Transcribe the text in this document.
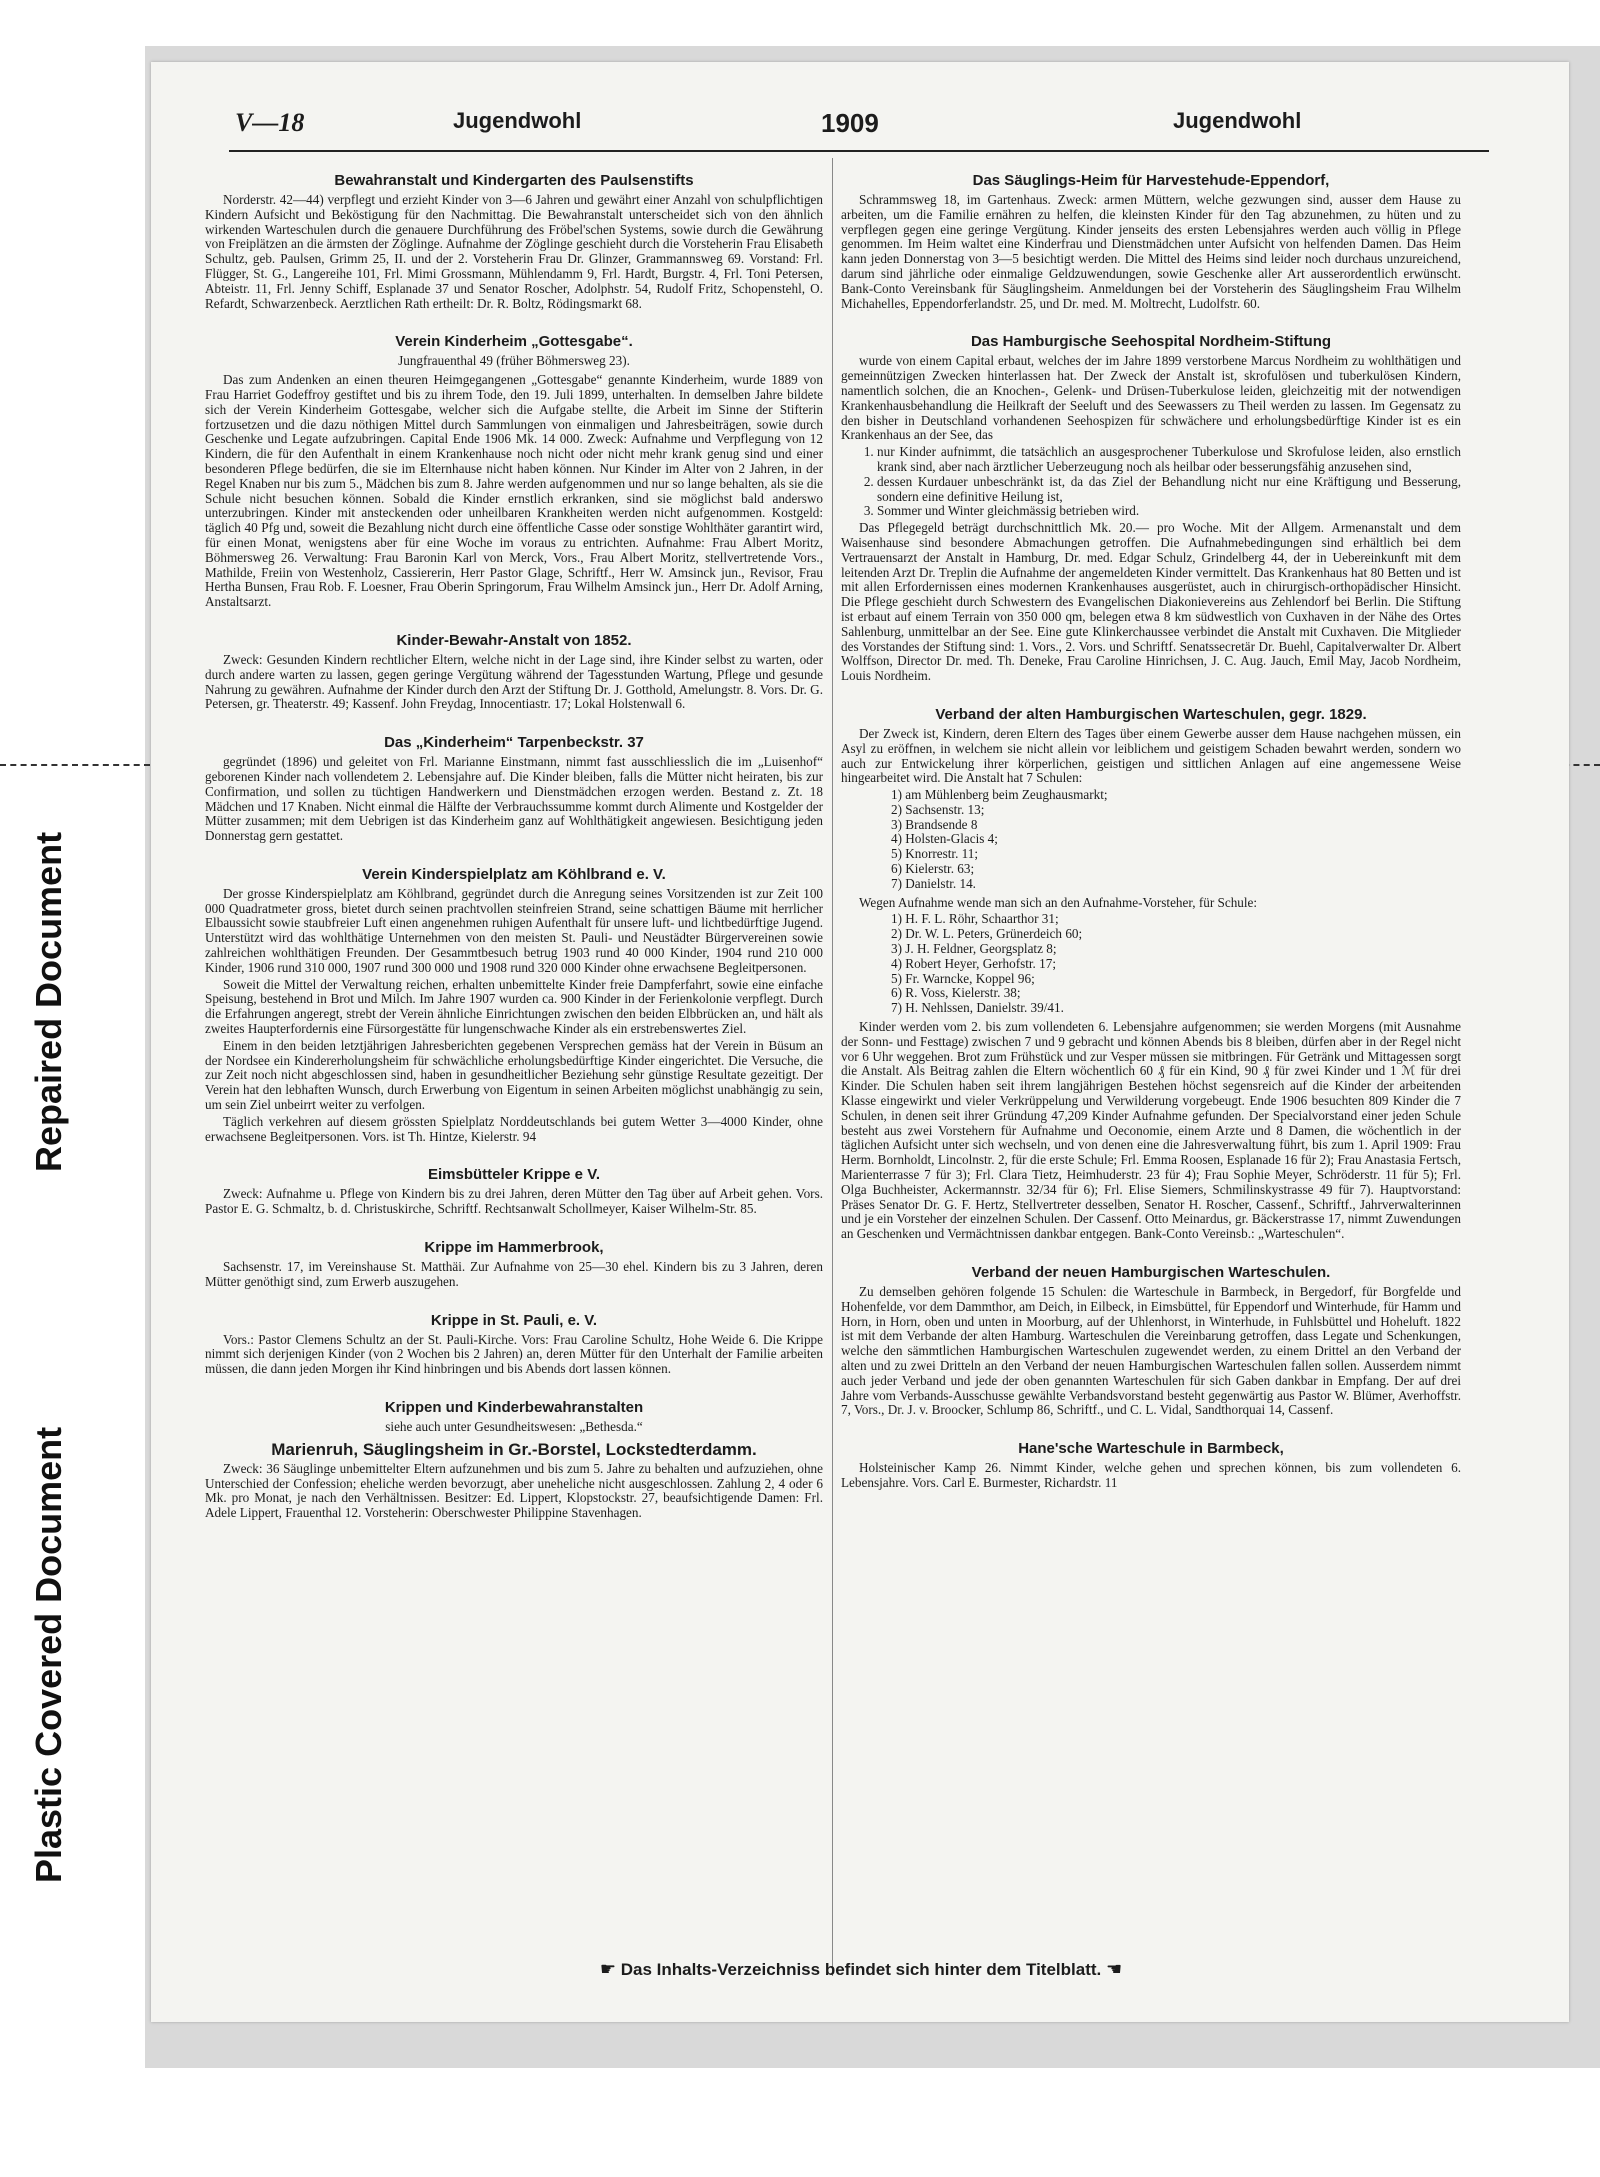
Repaired Document
Plastic Covered Document
V—18	Jugendwohl	1909	Jugendwohl
Bewahranstalt und Kindergarten des Paulsenstifts

Norderstr. 42—44) verpflegt und erzieht Kinder von 3—6 Jahren und gewährt einer Anzahl von schulpflichtigen Kindern Aufsicht und Beköstigung für den Nachmittag. Die Bewahranstalt unterscheidet sich von den ähnlich wirkenden Warteschulen durch die genauere Durchführung des Fröbel'schen Systems, sowie durch die Gewährung von Freiplätzen an die ärmsten der Zöglinge. Aufnahme der Zöglinge geschieht durch die Vorsteherin Frau Elisabeth Schultz, geb. Paulsen, Grimm 25, II. und der 2. Vorsteherin Frau Dr. Glinzer, Grammannsweg 69. Vorstand: Frl. Flügger, St. G., Langereihe 101, Frl. Mimi Grossmann, Mühlendamm 9, Frl. Hardt, Burgstr. 4, Frl. Toni Petersen, Abteistr. 11, Frl. Jenny Schiff, Esplanade 37 und Senator Roscher, Adolphstr. 54, Rudolf Fritz, Schopenstehl, O. Refardt, Schwarzenbeck. Aerztlichen Rath ertheilt: Dr. R. Boltz, Rödingsmarkt 68.

Verein Kinderheim „Gottesgabe“.
Jungfrauenthal 49 (früher Böhmersweg 23).

Das zum Andenken an einen theuren Heimgegangenen „Gottesgabe“ genannte Kinderheim, wurde 1889 von Frau Harriet Godeffroy gestiftet und bis zu ihrem Tode, den 19. Juli 1899, unterhalten. In demselben Jahre bildete sich der Verein Kinderheim Gottesgabe, welcher sich die Aufgabe stellte, die Arbeit im Sinne der Stifterin fortzusetzen und die dazu nöthigen Mittel durch Sammlungen von einmaligen und Jahresbeiträgen, sowie durch Geschenke und Legate aufzubringen. Capital Ende 1906 Mk. 14 000. Zweck: Aufnahme und Verpflegung von 12 Kindern, die für den Aufenthalt in einem Krankenhause noch nicht oder nicht mehr krank genug sind und einer besonderen Pflege bedürfen, die sie im Elternhause nicht haben können. Nur Kinder im Alter von 2 Jahren, in der Regel Knaben nur bis zum 5., Mädchen bis zum 8. Jahre werden aufgenommen und nur so lange behalten, als sie die Schule nicht besuchen können. Sobald die Kinder ernstlich erkranken, sind sie möglichst bald anderswo unterzubringen. Kinder mit ansteckenden oder unheilbaren Krankheiten werden nicht aufgenommen. Kostgeld: täglich 40 Pfg und, soweit die Bezahlung nicht durch eine öffentliche Casse oder sonstige Wohlthäter garantirt wird, für einen Monat, wenigstens aber für eine Woche im voraus zu entrichten. Aufnahme: Frau Albert Moritz, Böhmersweg 26. Verwaltung: Frau Baronin Karl von Merck, Vors., Frau Albert Moritz, stellvertretende Vors., Mathilde, Freiin von Westenholz, Cassiererin, Herr Pastor Glage, Schriftf., Herr W. Amsinck jun., Revisor, Frau Hertha Bunsen, Frau Rob. F. Loesner, Frau Oberin Springorum, Frau Wilhelm Amsinck jun., Herr Dr. Adolf Arning, Anstaltsarzt.

Kinder-Bewahr-Anstalt von 1852.

Zweck: Gesunden Kindern rechtlicher Eltern, welche nicht in der Lage sind, ihre Kinder selbst zu warten, oder durch andere warten zu lassen, gegen geringe Vergütung während der Tagesstunden Wartung, Pflege und gesunde Nahrung zu gewähren. Aufnahme der Kinder durch den Arzt der Stiftung Dr. J. Gotthold, Amelungstr. 8. Vors. Dr. G. Petersen, gr. Theaterstr. 49; Kassenf. John Freydag, Innocentiastr. 17; Lokal Holstenwall 6.

Das „Kinderheim“ Tarpenbeckstr. 37

gegründet (1896) und geleitet von Frl. Marianne Einstmann, nimmt fast ausschliesslich die im „Luisenhof“ geborenen Kinder nach vollendetem 2. Lebensjahre auf. Die Kinder bleiben, falls die Mütter nicht heiraten, bis zur Confirmation, und sollen zu tüchtigen Handwerkern und Dienstmädchen erzogen werden. Bestand z. Zt. 18 Mädchen und 17 Knaben. Nicht einmal die Hälfte der Verbrauchssumme kommt durch Alimente und Kostgelder der Mütter zusammen; mit dem Uebrigen ist das Kinderheim ganz auf Wohlthätigkeit angewiesen. Besichtigung jeden Donnerstag gern gestattet.

Verein Kinderspielplatz am Köhlbrand e. V.

Der grosse Kinderspielplatz am Köhlbrand, gegründet durch die Anregung seines Vorsitzenden ist zur Zeit 100 000 Quadratmeter gross, bietet durch seinen prachtvollen steinfreien Strand, seine schattigen Bäume mit herrlicher Elbaussicht sowie staubfreier Luft einen angenehmen ruhigen Aufenthalt für unsere luft- und lichtbedürftige Jugend. Unterstützt wird das wohlthätige Unternehmen von den meisten St. Pauli- und Neustädter Bürgervereinen sowie zahlreichen wohlthätigen Freunden. Der Gesammtbesuch betrug 1903 rund 40 000 Kinder, 1904 rund 210 000 Kinder, 1906 rund 310 000, 1907 rund 300 000 und 1908 rund 320 000 Kinder ohne erwachsene Begleitpersonen.

Soweit die Mittel der Verwaltung reichen, erhalten unbemittelte Kinder freie Dampferfahrt, sowie eine einfache Speisung, bestehend in Brot und Milch. Im Jahre 1907 wurden ca. 900 Kinder in der Ferienkolonie verpflegt. Durch die Erfahrungen angeregt, strebt der Verein ähnliche Einrichtungen zwischen den beiden Elbbrücken an, und hält als zweites Haupterfordernis eine Fürsorgestätte für lungenschwache Kinder als ein erstrebenswertes Ziel.

Einem in den beiden letztjährigen Jahresberichten gegebenen Versprechen gemäss hat der Verein in Büsum an der Nordsee ein Kindererholungsheim für schwächliche erholungsbedürftige Kinder eingerichtet. Die Versuche, die zur Zeit noch nicht abgeschlossen sind, haben in gesundheitlicher Beziehung sehr günstige Resultate gezeitigt. Der Verein hat den lebhaften Wunsch, durch Erwerbung von Eigentum in seinen Arbeiten möglichst unabhängig zu sein, um sein Ziel unbeirrt weiter zu verfolgen.

Täglich verkehren auf diesem grössten Spielplatz Norddeutschlands bei gutem Wetter 3—4000 Kinder, ohne erwachsene Begleitpersonen. Vors. ist Th. Hintze, Kielerstr. 94

Eimsbütteler Krippe e V.

Zweck: Aufnahme u. Pflege von Kindern bis zu drei Jahren, deren Mütter den Tag über auf Arbeit gehen. Vors. Pastor E. G. Schmaltz, b. d. Christuskirche, Schriftf. Rechtsanwalt Schollmeyer, Kaiser Wilhelm-Str. 85.

Krippe im Hammerbrook,

Sachsenstr. 17, im Vereinshause St. Matthäi. Zur Aufnahme von 25—30 ehel. Kindern bis zu 3 Jahren, deren Mütter genöthigt sind, zum Erwerb auszugehen.

Krippe in St. Pauli, e. V.

Vors.: Pastor Clemens Schultz an der St. Pauli-Kirche. Vors: Frau Caroline Schultz, Hohe Weide 6. Die Krippe nimmt sich derjenigen Kinder (von 2 Wochen bis 2 Jahren) an, deren Mütter für den Unterhalt der Familie arbeiten müssen, die dann jeden Morgen ihr Kind hinbringen und bis Abends dort lassen können.

Krippen und Kinderbewahranstalten
siehe auch unter Gesundheitswesen: „Bethesda.“
Marienruh, Säuglingsheim in Gr.-Borstel, Lockstedterdamm.

Zweck: 36 Säuglinge unbemittelter Eltern aufzunehmen und bis zum 5. Jahre zu behalten und aufzuziehen, ohne Unterschied der Confession; eheliche werden bevorzugt, aber uneheliche nicht ausgeschlossen. Zahlung 2, 4 oder 6 Mk. pro Monat, je nach den Verhältnissen. Besitzer: Ed. Lippert, Klopstockstr. 27, beaufsichtigende Damen: Frl. Adele Lippert, Frauenthal 12. Vorsteherin: Oberschwester Philippine Stavenhagen.

Das Säuglings-Heim für Harvestehude-Eppendorf,

Schrammsweg 18, im Gartenhaus. Zweck: armen Müttern, welche gezwungen sind, ausser dem Hause zu arbeiten, um die Familie ernähren zu helfen, die kleinsten Kinder für den Tag abzunehmen, zu hüten und zu verpflegen gegen eine geringe Vergütung. Kinder jenseits des ersten Lebensjahres werden auch völlig in Pflege genommen. Im Heim waltet eine Kinderfrau und Dienstmädchen unter Aufsicht von helfenden Damen. Das Heim kann jeden Donnerstag von 3—5 besichtigt werden. Die Mittel des Heims sind leider noch durchaus unzureichend, darum sind jährliche oder einmalige Geldzuwendungen, sowie Geschenke aller Art ausserordentlich erwünscht. Bank-Conto Vereinsbank für Säuglingsheim. Anmeldungen bei der Vorsteherin des Säuglingsheim Frau Wilhelm Michahelles, Eppendorferlandstr. 25, und Dr. med. M. Moltrecht, Ludolfstr. 60.

Das Hamburgische Seehospital Nordheim-Stiftung

wurde von einem Capital erbaut, welches der im Jahre 1899 verstorbene Marcus Nordheim zu wohlthätigen und gemeinnützigen Zwecken hinterlassen hat. Der Zweck der Anstalt ist, skrofulösen und tuberkulösen Kindern, namentlich solchen, die an Knochen-, Gelenk- und Drüsen-Tuberkulose leiden, gleichzeitig mit der notwendigen Krankenhausbehandlung die Heilkraft der Seeluft und des Seewassers zu Theil werden zu lassen. Im Gegensatz zu den bisher in Deutschland vorhandenen Seehospizen für schwächere und erholungsbedürftige Kinder ist es ein Krankenhaus an der See, das

1. nur Kinder aufnimmt, die tatsächlich an ausgesprochener Tuberkulose und Skrofulose leiden, also ernstlich krank sind, aber nach ärztlicher Ueberzeugung noch als heilbar oder besserungsfähig anzusehen sind,
2. dessen Kurdauer unbeschränkt ist, da das Ziel der Behandlung nicht nur eine Kräftigung und Besserung, sondern eine definitive Heilung ist,
3. Sommer und Winter gleichmässig betrieben wird.

Das Pflegegeld beträgt durchschnittlich Mk. 20.— pro Woche. Mit der Allgem. Armenanstalt und dem Waisenhause sind besondere Abmachungen getroffen. Die Aufnahmebedingungen sind erhältlich bei dem Vertrauensarzt der Anstalt in Hamburg, Dr. med. Edgar Schulz, Grindelberg 44, der in Uebereinkunft mit dem leitenden Arzt Dr. Treplin die Aufnahme der angemeldeten Kinder vermittelt. Das Krankenhaus hat 80 Betten und ist mit allen Erfordernissen eines modernen Krankenhauses ausgerüstet, auch in chirurgisch-orthopädischer Hinsicht. Die Pflege geschieht durch Schwestern des Evangelischen Diakonievereins aus Zehlendorf bei Berlin. Die Stiftung ist erbaut auf einem Terrain von 350 000 qm, belegen etwa 8 km südwestlich von Cuxhaven in der Nähe des Ortes Sahlenburg, unmittelbar an der See. Eine gute Klinkerchaussee verbindet die Anstalt mit Cuxhaven. Die Mitglieder des Vorstandes der Stiftung sind: 1. Vors., 2. Vors. und Schriftf. Senatssecretär Dr. Buehl, Capitalverwalter Dr. Albert Wolffson, Director Dr. med. Th. Deneke, Frau Caroline Hinrichsen, J. C. Aug. Jauch, Emil May, Jacob Nordheim, Louis Nordheim.

Verband der alten Hamburgischen Warteschulen, gegr. 1829.

Der Zweck ist, Kindern, deren Eltern des Tages über einem Gewerbe ausser dem Hause nachgehen müssen, ein Asyl zu eröffnen, in welchem sie nicht allein vor leiblichem und geistigem Schaden bewahrt werden, sondern wo auch zur Entwickelung ihrer körperlichen, geistigen und sittlichen Anlagen auf eine angemessene Weise hingearbeitet wird. Die Anstalt hat 7 Schulen:

1) am Mühlenberg beim Zeughausmarkt;
2) Sachsenstr. 13;
3) Brandsende 8
4) Holsten-Glacis 4;
5) Knorrestr. 11;
6) Kielerstr. 63;
7) Danielstr. 14.

Wegen Aufnahme wende man sich an den Aufnahme-Vorsteher, für Schule:

1) H. F. L. Röhr, Schaarthor 31;
2) Dr. W. L. Peters, Grünerdeich 60;
3) J. H. Feldner, Georgsplatz 8;
4) Robert Heyer, Gerhofstr. 17;
5) Fr. Warncke, Koppel 96;
6) R. Voss, Kielerstr. 38;
7) H. Nehlssen, Danielstr. 39/41.

Kinder werden vom 2. bis zum vollendeten 6. Lebensjahre aufgenommen; sie werden Morgens (mit Ausnahme der Sonn- und Festtage) zwischen 7 und 9 gebracht und können Abends bis 8 bleiben, dürfen aber in der Regel nicht vor 6 Uhr weggehen. Brot zum Frühstück und zur Vesper müssen sie mitbringen. Für Getränk und Mittagessen sorgt die Anstalt. Als Beitrag zahlen die Eltern wöchentlich 60 ₰ für ein Kind, 90 ₰ für zwei Kinder und 1 ℳ für drei Kinder. Die Schulen haben seit ihrem langjährigen Bestehen höchst segensreich auf die Kinder der arbeitenden Klasse eingewirkt und vieler Verkrüppelung und Verwilderung vorgebeugt. Ende 1906 besuchten 809 Kinder die 7 Schulen, in denen seit ihrer Gründung 47,209 Kinder Aufnahme gefunden. Der Specialvorstand einer jeden Schule besteht aus zwei Vorstehern für Aufnahme und Oeconomie, einem Arzte und 8 Damen, die wöchentlich in der täglichen Aufsicht unter sich wechseln, und von denen eine die Jahresverwaltung führt, bis zum 1. April 1909: Frau Herm. Bornholdt, Lincolnstr. 2, für die erste Schule; Frl. Emma Roosen, Esplanade 16 für 2); Frau Anastasia Fertsch, Marienterrasse 7 für 3); Frl. Clara Tietz, Heimhuderstr. 23 für 4); Frau Sophie Meyer, Schröderstr. 11 für 5); Frl. Olga Buchheister, Ackermannstr. 32/34 für 6); Frl. Elise Siemers, Schmilinskystrasse 49 für 7). Hauptvorstand: Präses Senator Dr. G. F. Hertz, Stellvertreter desselben, Senator H. Roscher, Cassenf., Schriftf., Jahrverwalterinnen und je ein Vorsteher der einzelnen Schulen. Der Cassenf. Otto Meinardus, gr. Bäckerstrasse 17, nimmt Zuwendungen an Geschenken und Vermächtnissen dankbar entgegen. Bank-Conto Vereinsb.: „Warteschulen“.

Verband der neuen Hamburgischen Warteschulen.

Zu demselben gehören folgende 15 Schulen: die Warteschule in Barmbeck, in Bergedorf, für Borgfelde und Hohenfelde, vor dem Dammthor, am Deich, in Eilbeck, in Eimsbüttel, für Eppendorf und Winterhude, für Hamm und Horn, in Horn, oben und unten in Moorburg, auf der Uhlenhorst, in Winterhude, in Fuhlsbüttel und Hoheluft. 1822 ist mit dem Verbande der alten Hamburg. Warteschulen die Vereinbarung getroffen, dass Legate und Schenkungen, welche den sämmtlichen Hamburgischen Warteschulen zugewendet werden, zu einem Drittel an den Verband der alten und zu zwei Dritteln an den Verband der neuen Hamburgischen Warteschulen fallen sollen. Ausserdem nimmt auch jeder Verband und jede der oben genannten Warteschulen für sich Gaben dankbar in Empfang. Der auf drei Jahre vom Verbands-Ausschusse gewählte Verbandsvorstand besteht gegenwärtig aus Pastor W. Blümer, Averhoffstr. 7, Vors., Dr. J. v. Broocker, Schlump 86, Schriftf., und C. L. Vidal, Sandthorquai 14, Cassenf.

Hane'sche Warteschule in Barmbeck,

Holsteinischer Kamp 26. Nimmt Kinder, welche gehen und sprechen können, bis zum vollendeten 6. Lebensjahre. Vors. Carl E. Burmester, Richardstr. 11

☛ Das Inhalts-Verzeichniss befindet sich hinter dem Titelblatt. ☚
